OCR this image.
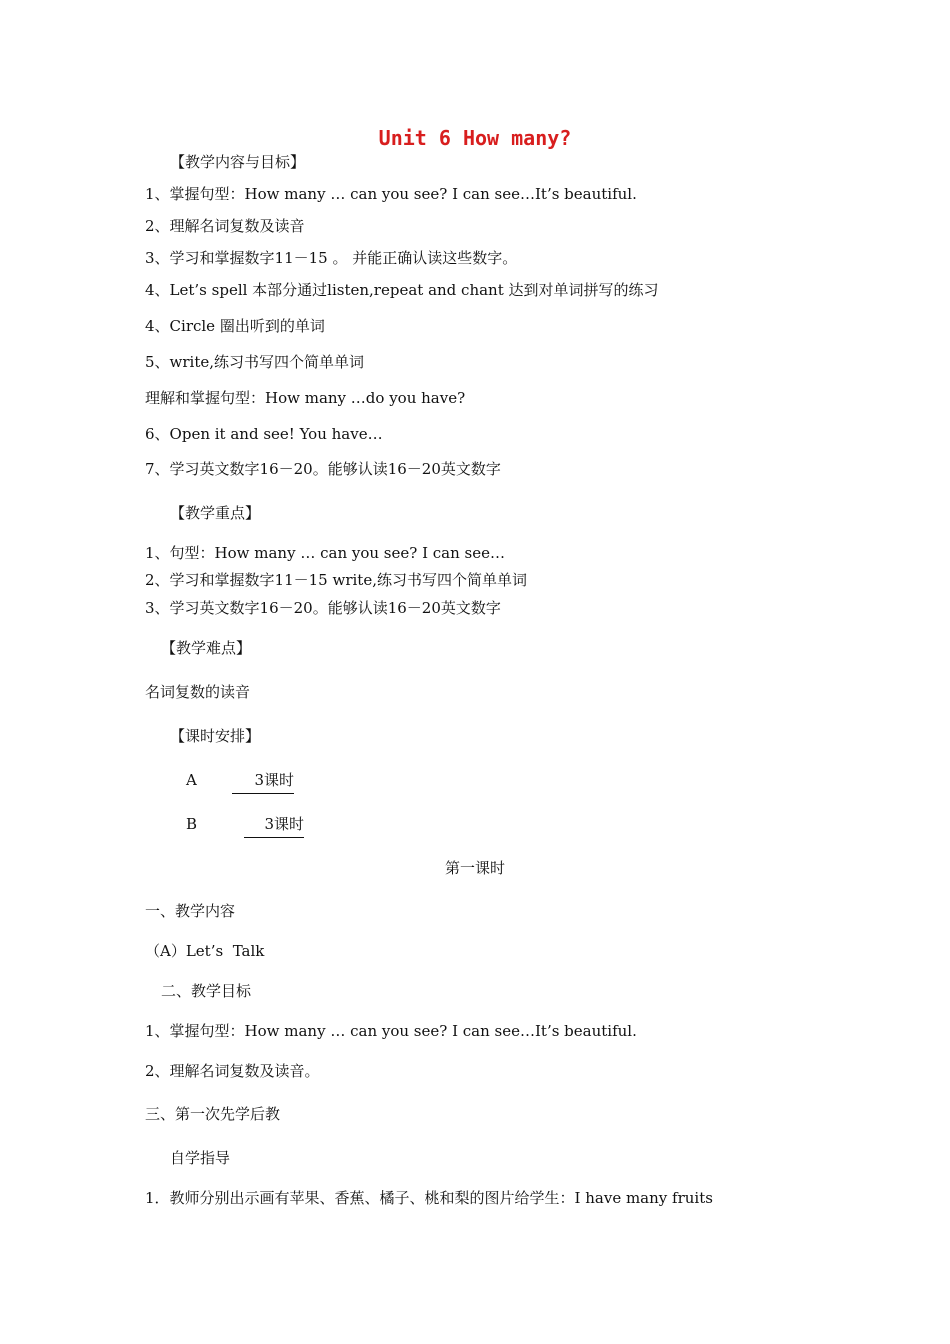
Unit 6 How many?
【教学内容与目标】
1、掌握句型：How many … can you see? I can see…It’s beautiful.
2、理解名词复数及读音
3、学习和掌握数字11－15 。 并能正确认读这些数字。
4、Let’s spell 本部分通过listen,repeat and chant 达到对单词拼写的练习
4、Circle 圈出听到的单词
5、write,练习书写四个简单单词
理解和掌握句型：How many …do you have?
6、Open it and see! You have…
7、学习英文数字16－20。能够认读16－20英文数字
【教学重点】
1、句型：How many … can you see? I can see…
2、学习和掌握数字11－15 write,练习书写四个简单单词
3、学习英文数字16－20。能够认读16－20英文数字
【教学难点】
名词复数的读音
【课时安排】
A	3课时
B	3课时
第一课时
一、教学内容
（A）Let’s  Talk
二、教学目标
1、掌握句型：How many … can you see? I can see…It’s beautiful.
2、理解名词复数及读音。
三、第一次先学后教
自学指导
1．教师分别出示画有苹果、香蕉、橘子、桃和梨的图片给学生：I have many fruits
